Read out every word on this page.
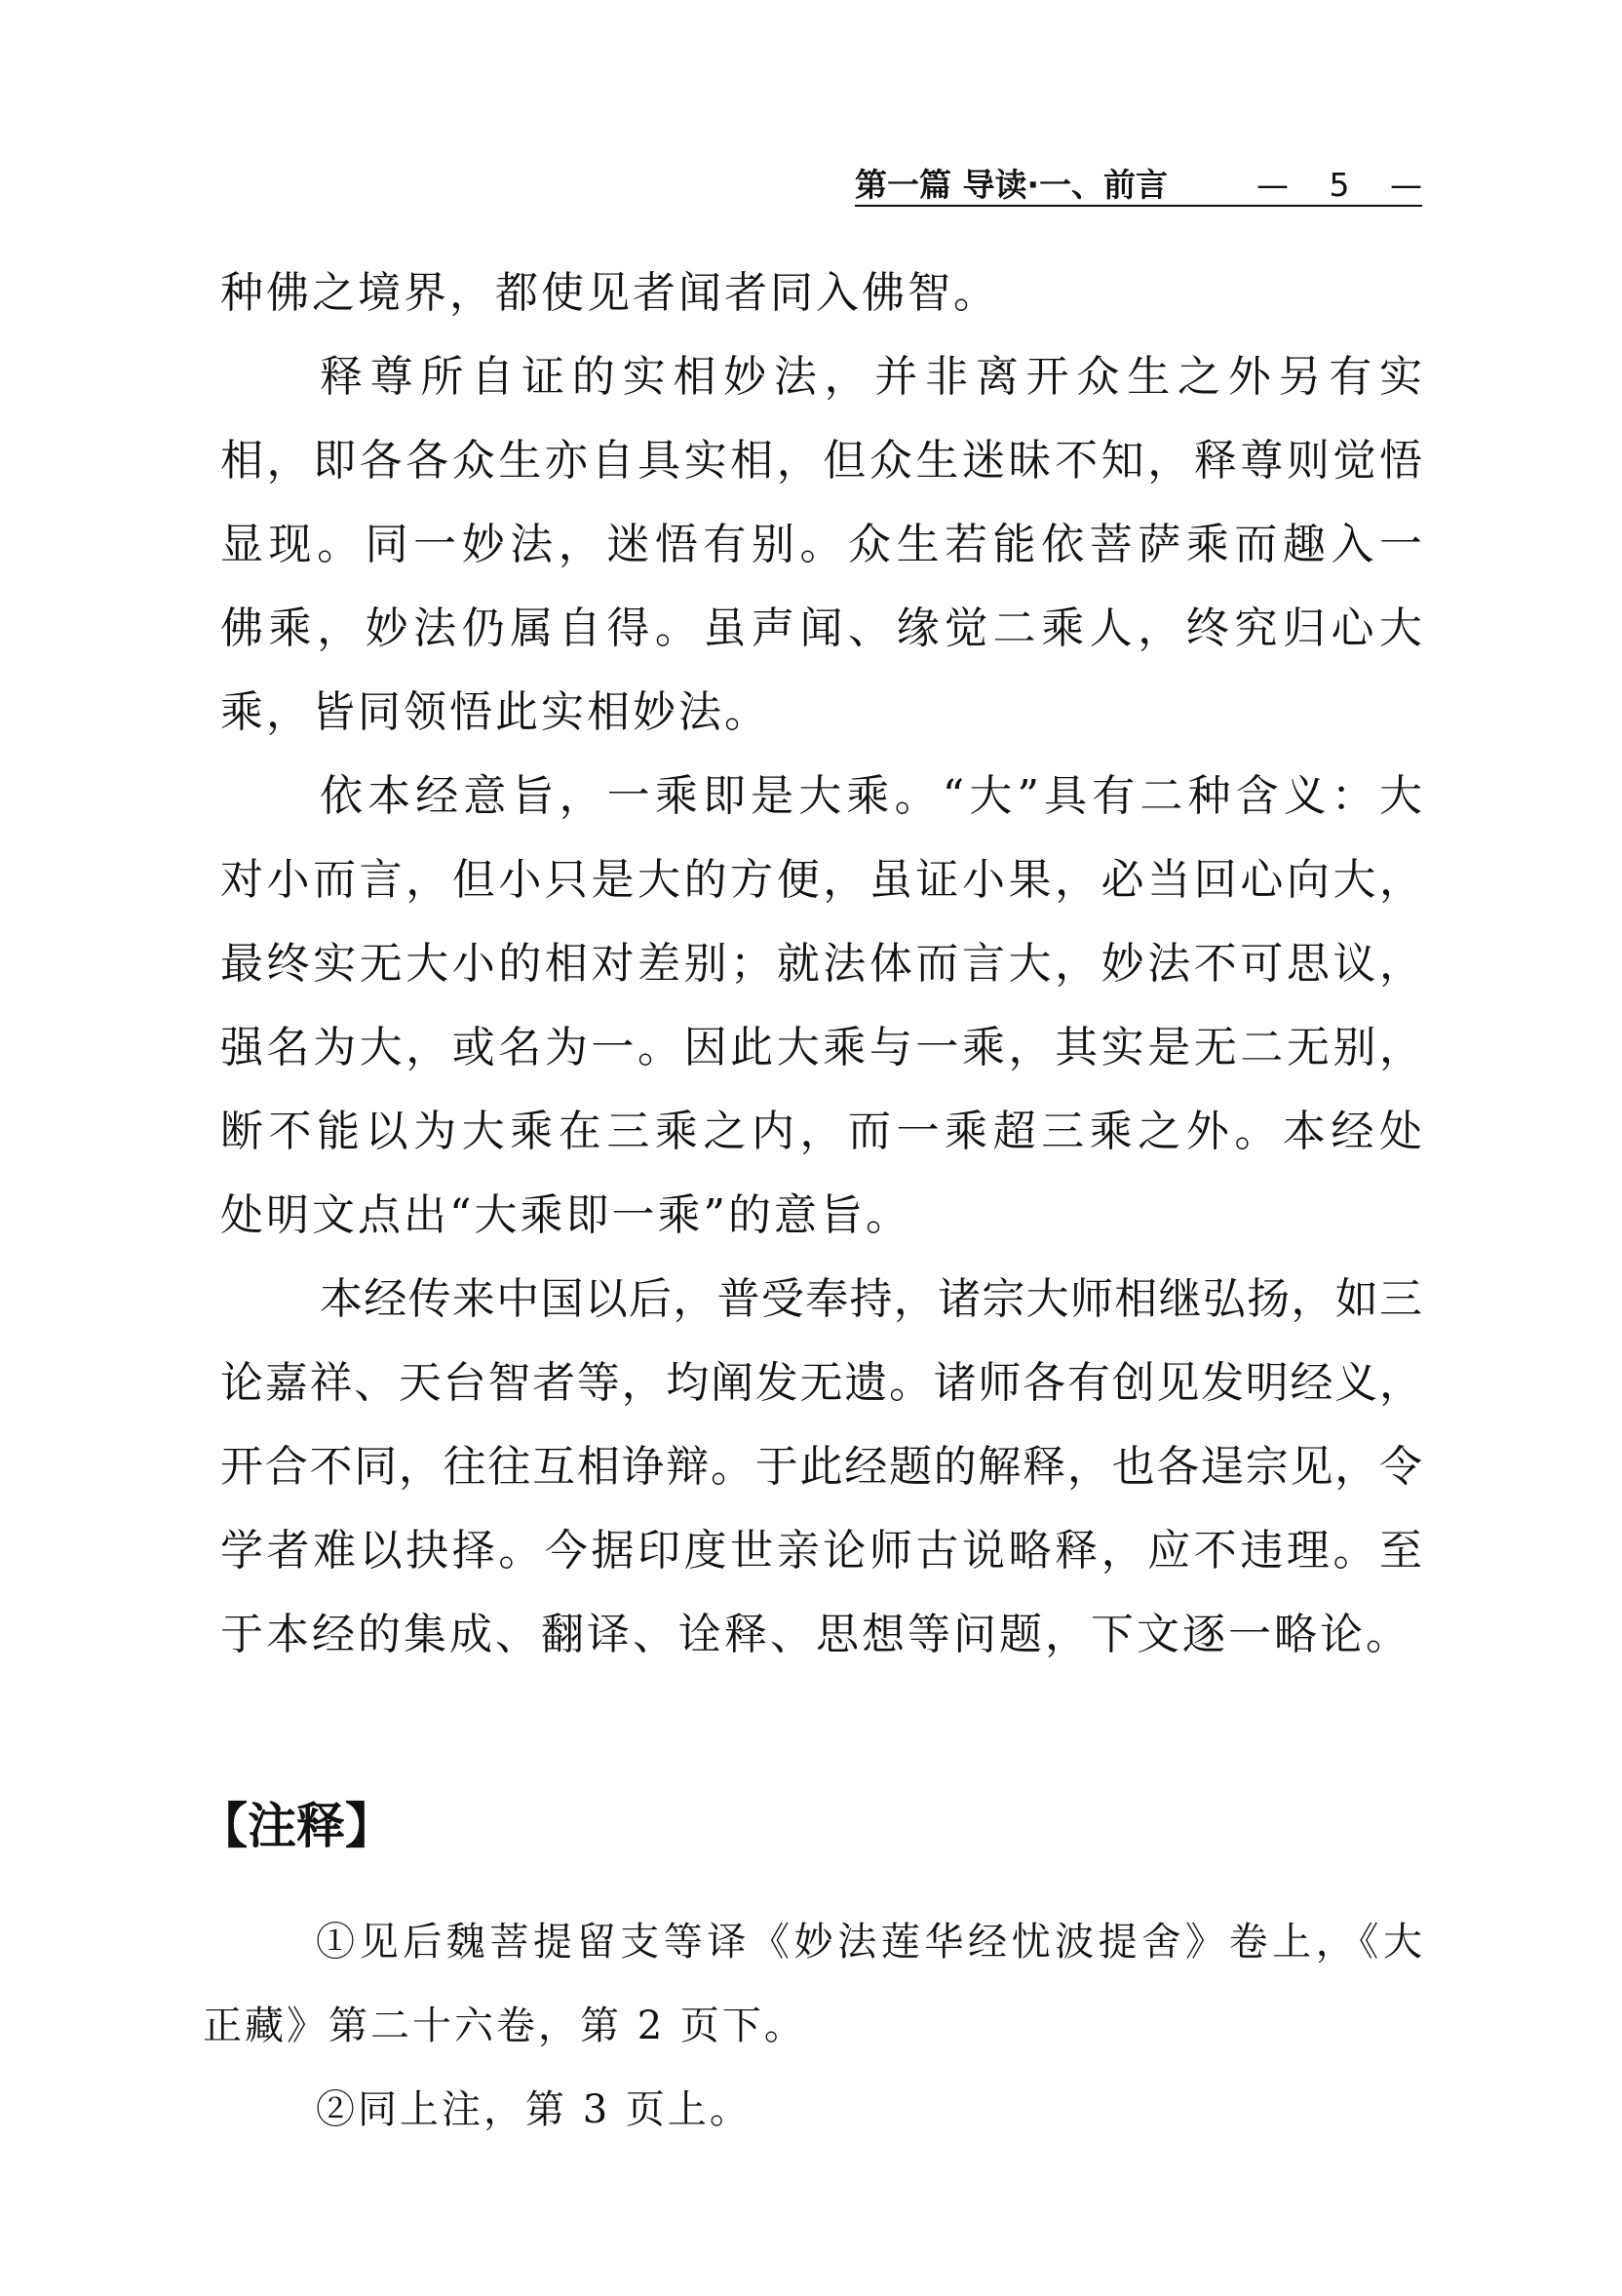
第一篇 导读·一、前言	— 5 —

种佛之境界，都使见者闻者同入佛智。

释尊所自证的实相妙法，并非离开众生之外另有实

相，即各各众生亦自具实相，但众生迷昧不知，释尊则觉悟

显现。同一妙法，迷悟有别。众生若能依菩萨乘而趣入一

佛乘，妙法仍属自得。虽声闻、缘觉二乘人，终究归心大

乘，皆同领悟此实相妙法。

依本经意旨，一乘即是大乘。“大”具有二种含义：大

对小而言，但小只是大的方便，虽证小果，必当回心向大，

最终实无大小的相对差别；就法体而言大，妙法不可思议，

强名为大，或名为一。因此大乘与一乘，其实是无二无别，

断不能以为大乘在三乘之内，而一乘超三乘之外。本经处

处明文点出“大乘即一乘”的意旨。

本经传来中国以后，普受奉持，诸宗大师相继弘扬，如三

论嘉祥、天台智者等，均阐发无遗。诸师各有创见发明经义，

开合不同，往往互相诤辩。于此经题的解释，也各逞宗见，令

学者难以抉择。今据印度世亲论师古说略释，应不违理。至

于本经的集成、翻译、诠释、思想等问题，下文逐一略论。

【注释】

①见后魏菩提留支等译《妙法莲华经忧波提舍》卷上，《大

正藏》第二十六卷，第 2 页下。

②同上注，第 3 页上。
